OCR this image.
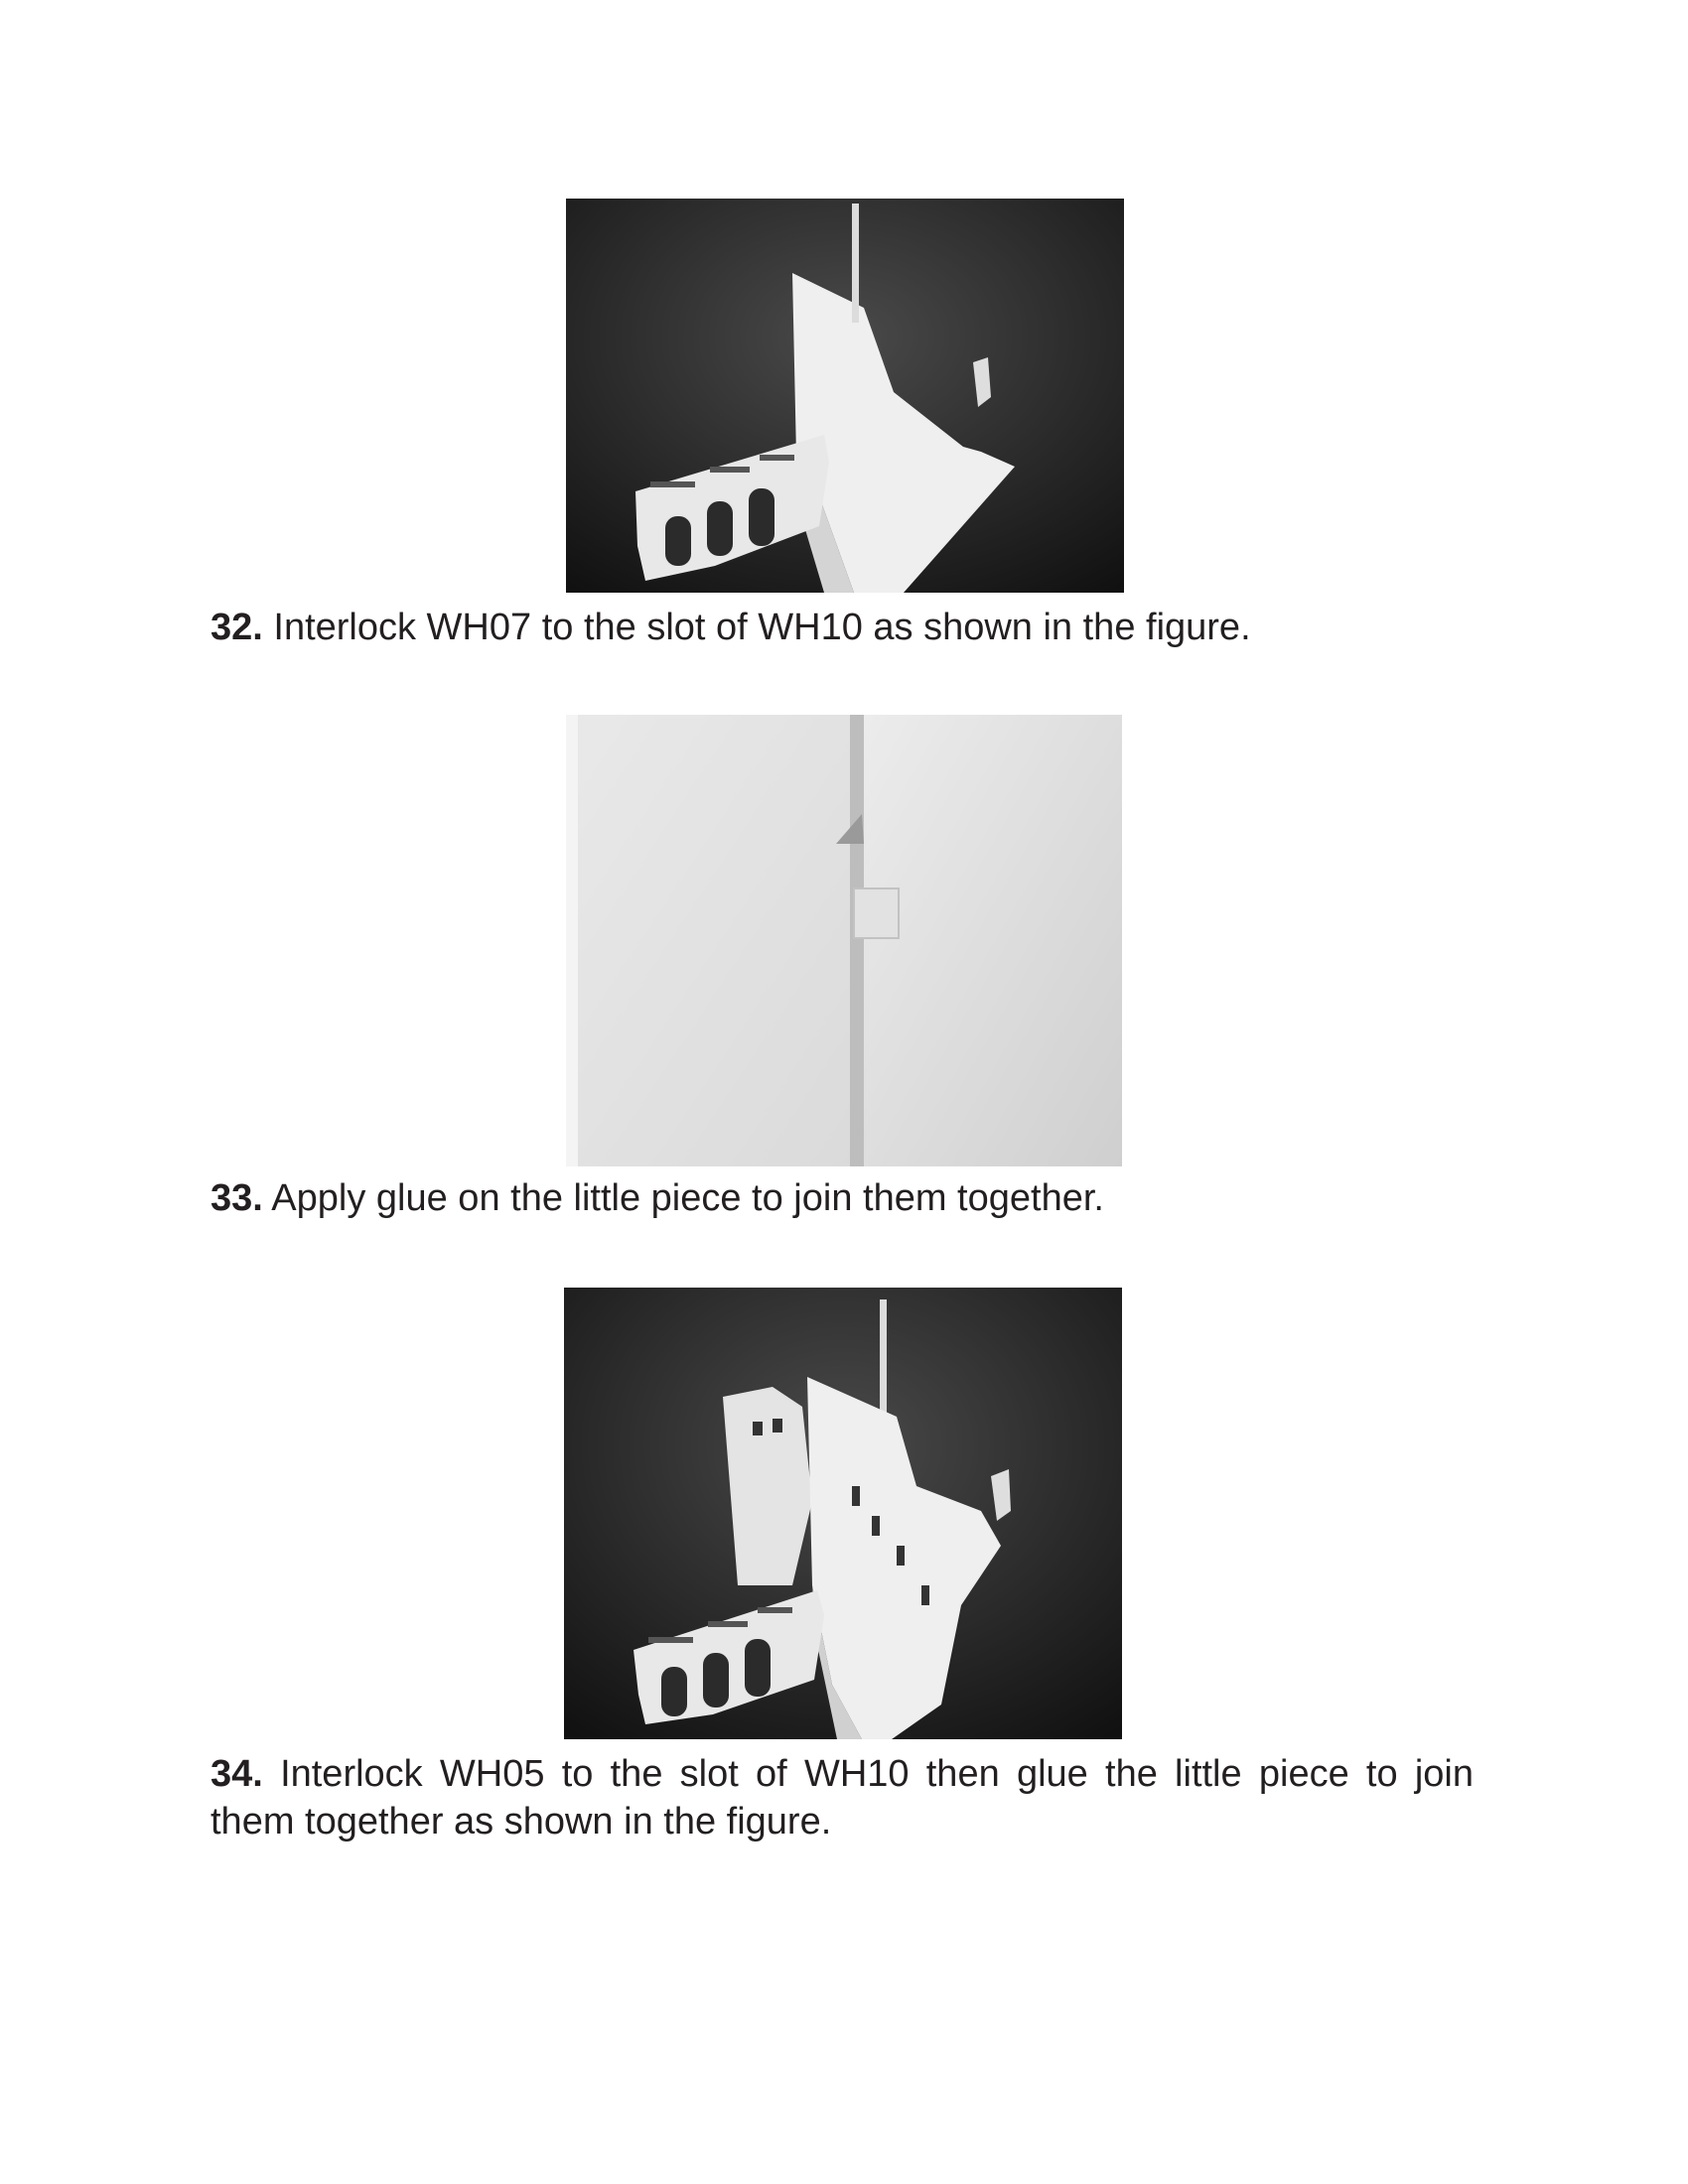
32. Interlock WH07 to the slot of WH10 as shown in the figure.

33. Apply glue on the little piece to join them together.

34. Interlock WH05 to the slot of WH10 then glue the little piece to join them together as shown in the figure.
